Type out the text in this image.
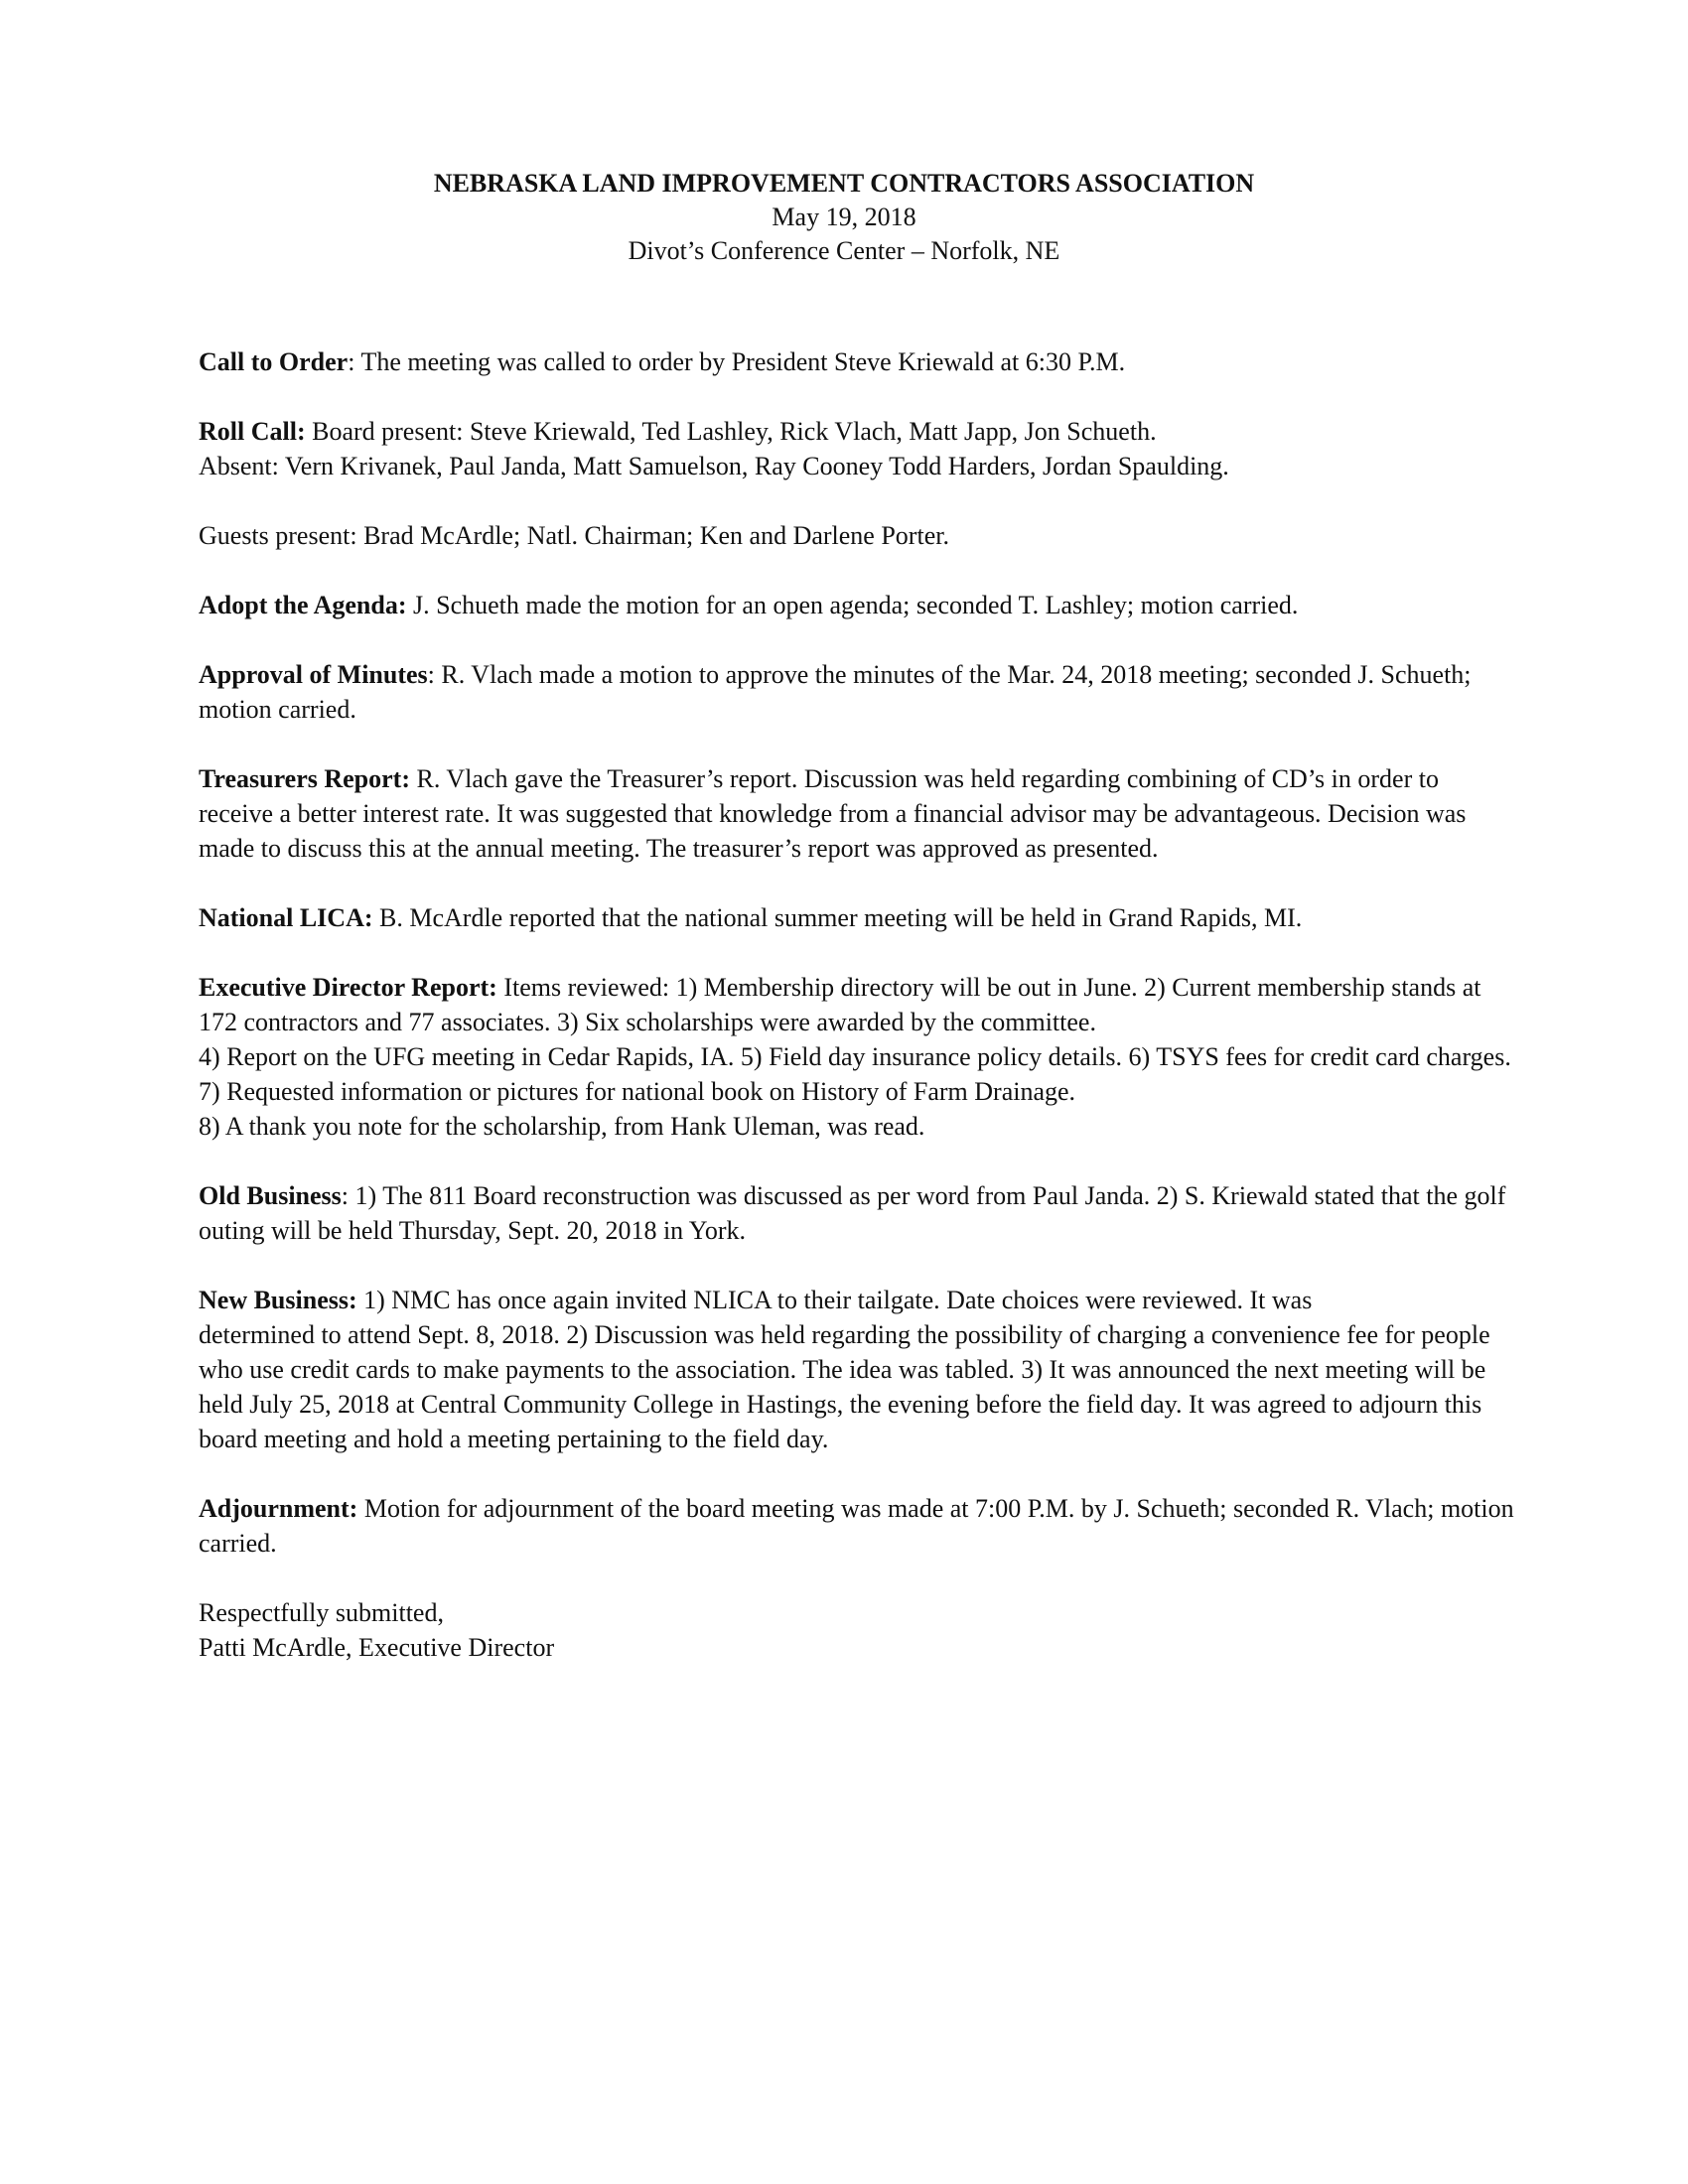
NEBRASKA LAND IMPROVEMENT CONTRACTORS ASSOCIATION
May 19, 2018
Divot’s Conference Center – Norfolk, NE

Call to Order: The meeting was called to order by President Steve Kriewald at 6:30 P.M.

Roll Call: Board present: Steve Kriewald, Ted Lashley, Rick Vlach, Matt Japp, Jon Schueth.

Absent: Vern Krivanek, Paul Janda, Matt Samuelson, Ray Cooney Todd Harders, Jordan Spaulding.

Guests present: Brad McArdle; Natl. Chairman; Ken and Darlene Porter.

Adopt the Agenda: J. Schueth made the motion for an open agenda; seconded T. Lashley; motion carried.

Approval of Minutes: R. Vlach made a motion to approve the minutes of the Mar. 24, 2018 meeting; seconded J. Schueth; motion carried.

Treasurers Report: R. Vlach gave the Treasurer’s report. Discussion was held regarding combining of CD’s in order to receive a better interest rate. It was suggested that knowledge from a financial advisor may be advantageous. Decision was made to discuss this at the annual meeting. The treasurer’s report was approved as presented.

National LICA: B. McArdle reported that the national summer meeting will be held in Grand Rapids, MI.

Executive Director Report: Items reviewed: 1) Membership directory will be out in June. 2) Current membership stands at 172 contractors and 77 associates. 3) Six scholarships were awarded by the committee.

4) Report on the UFG meeting in Cedar Rapids, IA. 5) Field day insurance policy details. 6) TSYS fees for credit card charges. 7) Requested information or pictures for national book on History of Farm Drainage.

8) A thank you note for the scholarship, from Hank Uleman, was read.

Old Business: 1) The 811 Board reconstruction was discussed as per word from Paul Janda. 2) S. Kriewald stated that the golf outing will be held Thursday, Sept. 20, 2018 in York.

New Business: 1) NMC has once again invited NLICA to their tailgate. Date choices were reviewed. It was

determined to attend Sept. 8, 2018. 2) Discussion was held regarding the possibility of charging a convenience fee for people who use credit cards to make payments to the association. The idea was tabled. 3) It was announced the next meeting will be held July 25, 2018 at Central Community College in Hastings, the evening before the field day. It was agreed to adjourn this board meeting and hold a meeting pertaining to the field day.

Adjournment: Motion for adjournment of the board meeting was made at 7:00 P.M. by J. Schueth; seconded R. Vlach; motion carried.

Respectfully submitted,
Patti McArdle, Executive Director
